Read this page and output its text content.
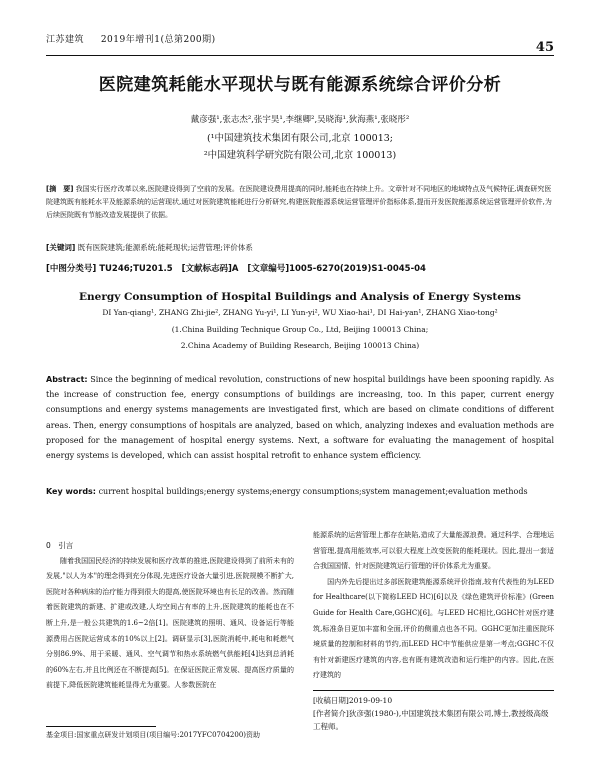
江苏建筑 2019年增刊1(总第200期)	45
医院建筑耗能水平现状与既有能源系统综合评价分析
戴彦强¹,张志杰²,张宇昊¹,李继卿²,吴晓海¹,狄海燕¹,张晓彤²
(¹中国建筑技术集团有限公司,北京 100013;
²中国建筑科学研究院有限公司,北京 100013)
[摘　要] 我国实行医疗改革以来,医院建设得到了空前的发展。在医院建设费用提高的同时,能耗也在持续上升。文章针对不同地区的地域特点及气候特征,调查研究医院建筑既有能耗水平及能源系统的运营现状,通过对医院建筑能耗进行分析研究,构建医院能源系统运营管理评价指标体系,提而开发医院能源系统运营管理评价软件,为后续医院既有节能改造发展提供了依据。
[关键词] 既有医院建筑;能源系统;能耗现状;运营管理;评价体系
[中图分类号] TU246;TU201.5 [文献标志码]A [文章编号]1005-6270(2019)S1-0045-04
Energy Consumption of Hospital Buildings and Analysis of Energy Systems
DI Yan-qiang¹, ZHANG Zhi-jie², ZHANG Yu-yi¹, LI Yun-yi², WU Xiao-hai¹, DI Hai-yan¹, ZHANG Xiao-tong²
(1.China Building Technique Group Co., Ltd, Beijing 100013 China;
2.China Academy of Building Research, Beijing 100013 China)
Abstract: Since the beginning of medical revolution, constructions of new hospital buildings have been spooning rapidly. As the increase of construction fee, energy consumptions of buildings are increasing, too. In this paper, current energy consumptions and energy systems managements are investigated first, which are based on climate conditions of different areas. Then, energy consumptions of hospitals are analyzed, based on which, analyzing indexes and evaluation methods are proposed for the management of hospital energy systems. Next, a software for evaluating the management of hospital energy systems is developed, which can assist hospital retrofit to enhance system efficiency.
Key words: current hospital buildings;energy systems;energy consumptions;system management;evaluation methods
0　引言

随着我国国民经济的持续发展和医疗改革的推进,医院建设得到了前所未有的发展,"以人为本"的理念得到充分体现,先进医疗设备大量引进,医院规模不断扩大,医院对各种病床的治疗能力得到很大的提高,使医院环境也有长足的改善。然而随着医院建筑的新建、扩建或改建,人均空间占有率的上升,医院建筑的能耗也在不断上升,是一般公共建筑的1.6~2倍[1]。医院建筑的照明、通风、设备运行等能源费用占医院运营成本的10%以上[2]。调研显示[3],医院消耗中,耗电和耗燃气分别86.9%、用于采暖、通风、空气调节和热水系统燃气供能耗[4]达到总消耗的60%左右,并且比例还在不断提高[5]。在保证医院正常发展、提高医疗质量的前提下,降低医院建筑能耗显得尤为重要。人参数医院在

能源系统的运营管理上都存在缺陷,造成了大量能源浪费。通过科学、合理地运营管理,提高用能效率,可以很大程度上改变医院的能耗现状。因此,提出一套适合我国国情、针对医院建筑运行管理的评价体系尤为重要。
　　国内外先后提出过多部医院建筑能源系统评价指南,较有代表性的为LEED for Healthcare(以下简称LEED HC)[6]以及《绿色建筑评价标准》(Green Guide for Health Care,GGHC)[6]。与LEED HC相比,GGHC针对医疗建筑,标准条目更加丰富和全面,评价的侧重点也各不同。GGHC更加注重医院环境质量的控制和材料的节约,而LEED HC中节能供应是第一考点;GGHC不仅有针对新建医疗建筑的内容,也有既有建筑改造和运行维护的内容。因此,在医疗建筑的

[收稿日期]2019-09-10
[作者简介]狄彦强(1980-),中国建筑技术集团有限公司,博士,教授级高级工程师。
基金项目:国家重点研发计划项目(项目编号:2017YFC0704200)资助
